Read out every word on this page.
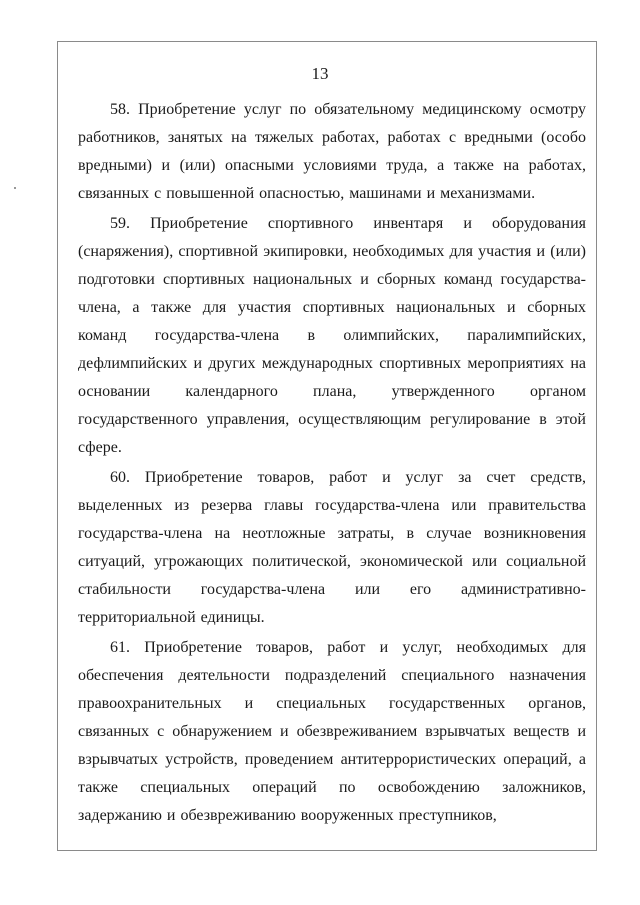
13

58. Приобретение услуг по обязательному медицинскому осмотру работников, занятых на тяжелых работах, работах с вредными (особо вредными) и (или) опасными условиями труда, а также на работах, связанных с повышенной опасностью, машинами и механизмами.

59. Приобретение спортивного инвентаря и оборудования (снаряжения), спортивной экипировки, необходимых для участия и (или) подготовки спортивных национальных и сборных команд государства-члена, а также для участия спортивных национальных и сборных команд государства-члена в олимпийских, паралимпийских, дефлимпийских и других международных спортивных мероприятиях на основании календарного плана, утвержденного органом государственного управления, осуществляющим регулирование в этой сфере.

60. Приобретение товаров, работ и услуг за счет средств, выделенных из резерва главы государства-члена или правительства государства-члена на неотложные затраты, в случае возникновения ситуаций, угрожающих политической, экономической или социальной стабильности государства-члена или его административно-территориальной единицы.

61. Приобретение товаров, работ и услуг, необходимых для обеспечения деятельности подразделений специального назначения правоохранительных и специальных государственных органов, связанных с обнаружением и обезвреживанием взрывчатых веществ и взрывчатых устройств, проведением антитеррористических операций, а также специальных операций по освобождению заложников, задержанию и обезвреживанию вооруженных преступников,
